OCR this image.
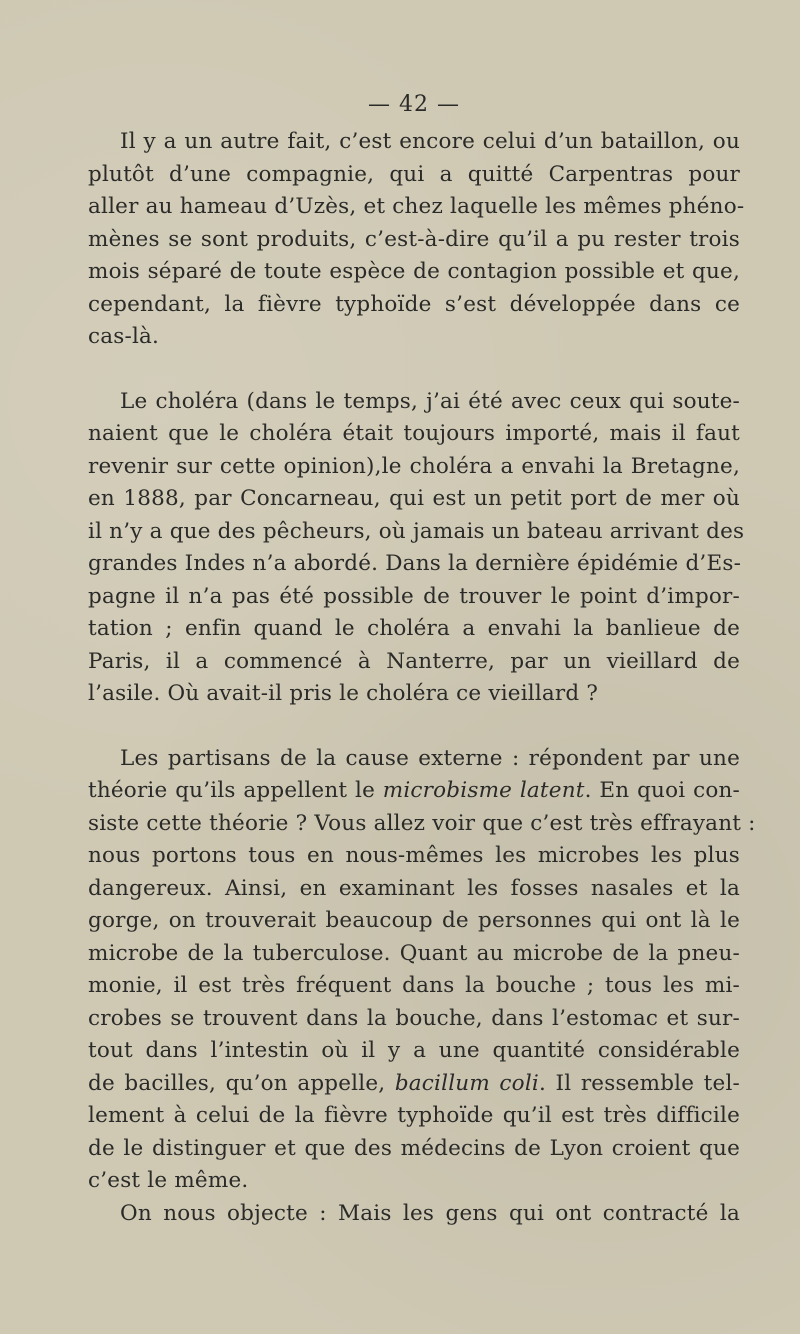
— 42 —
Il y a un autre fait, c’est encore celui d’un bataillon, ou
plutôt d’une compagnie, qui a quitté Carpentras pour
aller au hameau d’Uzès, et chez laquelle les mêmes phéno-
mènes se sont produits, c’est-à-dire qu’il a pu rester trois
mois séparé de toute espèce de contagion possible et que,
cependant, la fièvre typhoïde s’est développée dans ce
cas-là.
Le choléra (dans le temps, j’ai été avec ceux qui soute-
naient que le choléra était toujours importé, mais il faut
revenir sur cette opinion),le choléra a envahi la Bretagne,
en 1888, par Concarneau, qui est un petit port de mer où
il n’y a que des pêcheurs, où jamais un bateau arrivant des
grandes Indes n’a abordé. Dans la dernière épidémie d’Es-
pagne il n’a pas été possible de trouver le point d’impor-
tation ; enfin quand le choléra a envahi la banlieue de
Paris, il a commencé à Nanterre, par un vieillard de
l’asile. Où avait-il pris le choléra ce vieillard ?
Les partisans de la cause externe : répondent par une
théorie qu’ils appellent le microbisme latent. En quoi con-
siste cette théorie ? Vous allez voir que c’est très effrayant :
nous portons tous en nous-mêmes les microbes les plus
dangereux. Ainsi, en examinant les fosses nasales et la
gorge, on trouverait beaucoup de personnes qui ont là le
microbe de la tuberculose. Quant au microbe de la pneu-
monie, il est très fréquent dans la bouche ; tous les mi-
crobes se trouvent dans la bouche, dans l’estomac et sur-
tout dans l’intestin où il y a une quantité considérable
de bacilles, qu’on appelle, bacillum coli. Il ressemble tel-
lement à celui de la fièvre typhoïde qu’il est très difficile
de le distinguer et que des médecins de Lyon croient que
c’est le même.
On nous objecte : Mais les gens qui ont contracté la
